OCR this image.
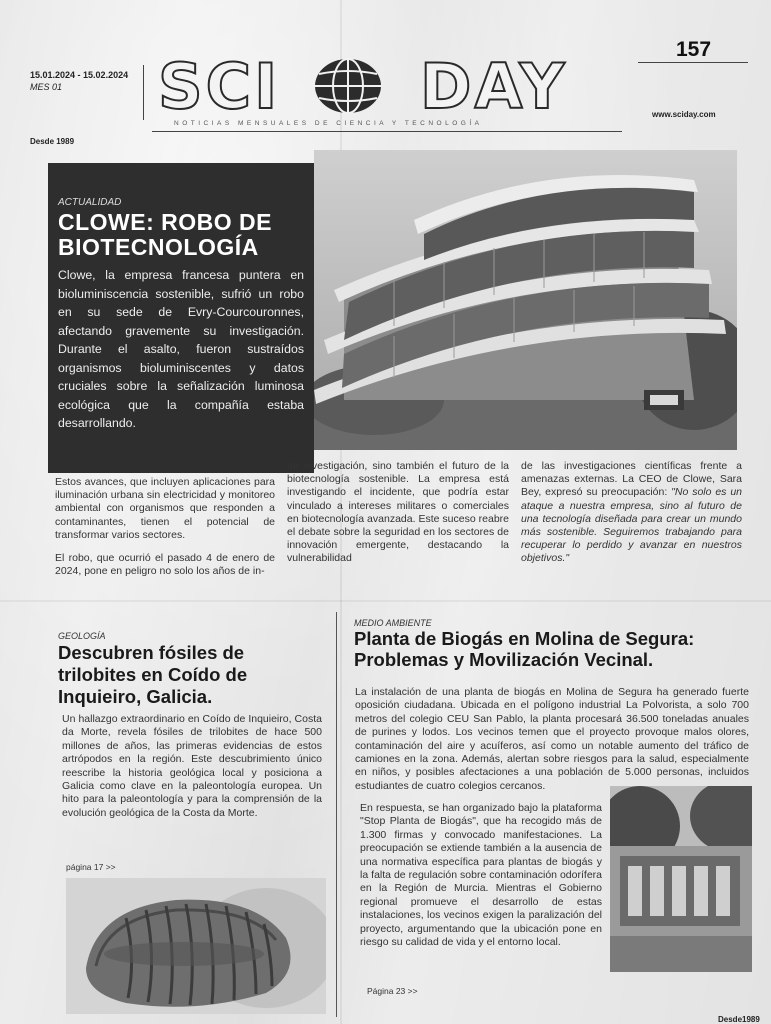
15.01.2024 - 15.02.2024
MES 01
Desde 1989
SCI DAY
NOTICIAS MENSUALES DE CIENCIA Y TECNOLOGÍA
157
www.sciday.com
ACTUALIDAD
CLOWE: ROBO DE BIOTECNOLOGÍA
Clowe, la empresa francesa puntera en bioluminiscencia sostenible, sufrió un robo en su sede de Evry-Courcouronnes, afectando gravemente su investigación. Durante el asalto, fueron sustraídos organismos bioluminiscentes y datos cruciales sobre la señalización luminosa ecológica que la compañía estaba desarrollando.

Estos avances, que incluyen aplicaciones para iluminación urbana sin electricidad y monitoreo ambiental con organismos que responden a contaminantes, tienen el potencial de transformar varios sectores.

El robo, que ocurrió el pasado 4 de enero de 2024, pone en peligro no solo los años de in-

de investigación, sino también el futuro de la biotecnología sostenible. La empresa está investigando el incidente, que podría estar vinculado a intereses militares o comerciales en biotecnología avanzada. Este suceso reabre el debate sobre la seguridad en los sectores de innovación emergente, destacando la vulnerabilidad

de las investigaciones científicas frente a amenazas externas. La CEO de Clowe, Sara Bey, expresó su preocupación: "No solo es un ataque a nuestra empresa, sino al futuro de una tecnología diseñada para crear un mundo más sostenible. Seguiremos trabajando para recuperar lo perdido y avanzar en nuestros objetivos."

GEOLOGÍA
Descubren fósiles de trilobites en Coído de Inquieiro, Galicia.
Un hallazgo extraordinario en Coído de Inquieiro, Costa da Morte, revela fósiles de trilobites de hace 500 millones de años, las primeras evidencias de estos artrópodos en la región. Este descubrimiento único reescribe la historia geológica local y posiciona a Galicia como clave en la paleontología europea. Un hito para la paleontología y para la comprensión de la evolución geológica de la Costa da Morte.
página 17 >>
MEDIO AMBIENTE
Planta de Biogás en Molina de Segura: Problemas y Movilización Vecinal.
La instalación de una planta de biogás en Molina de Segura ha generado fuerte oposición ciudadana. Ubicada en el polígono industrial La Polvorista, a solo 700 metros del colegio CEU San Pablo, la planta procesará 36.500 toneladas anuales de purines y lodos. Los vecinos temen que el proyecto provoque malos olores, contaminación del aire y acuíferos, así como un notable aumento del tráfico de camiones en la zona. Además, alertan sobre riesgos para la salud, especialmente en niños, y posibles afectaciones a una población de 5.000 personas, incluidos estudiantes de cuatro colegios cercanos.
En respuesta, se han organizado bajo la plataforma "Stop Planta de Biogás", que ha recogido más de 1.300 firmas y convocado manifestaciones. La preocupación se extiende también a la ausencia de una normativa específica para plantas de biogás y la falta de regulación sobre contaminación odorífera en la Región de Murcia. Mientras el Gobierno regional promueve el desarrollo de estas instalaciones, los vecinos exigen la paralización del proyecto, argumentando que la ubicación pone en riesgo su calidad de vida y el entorno local.
Página 23 >>
Desde1989
